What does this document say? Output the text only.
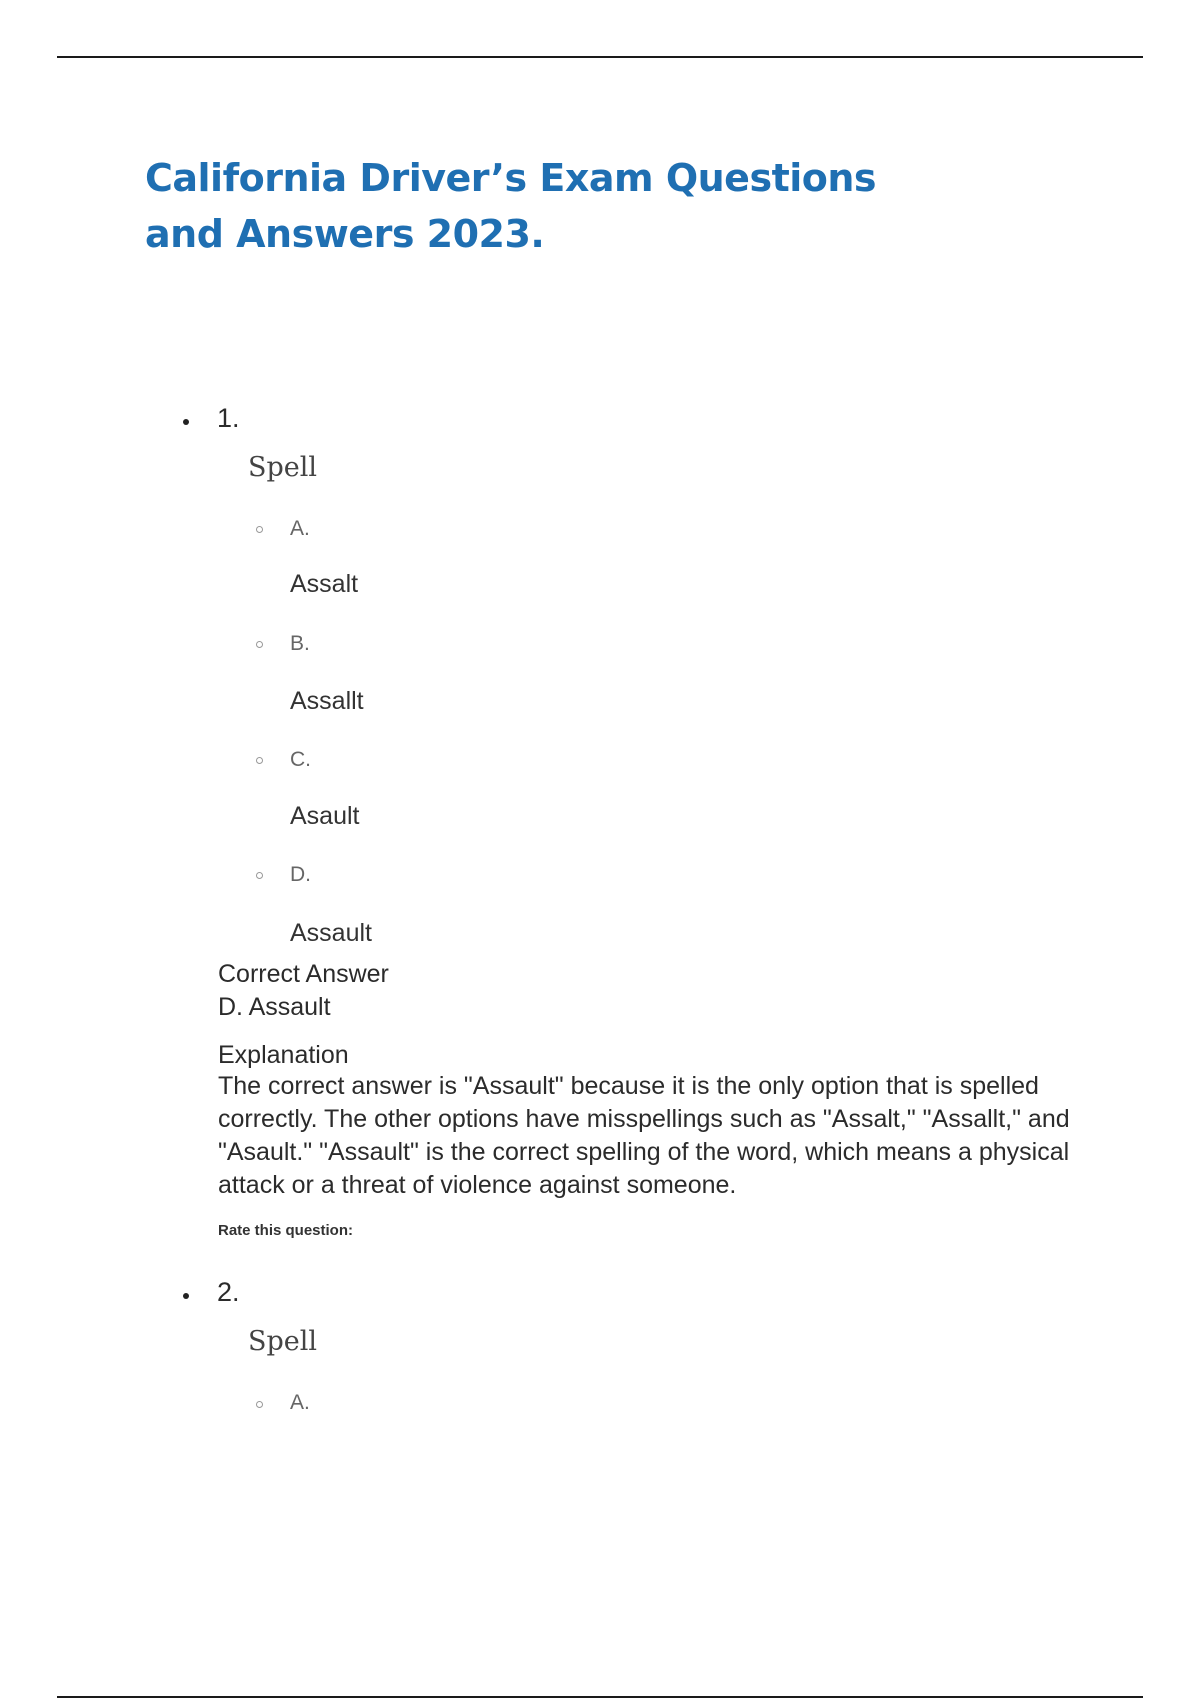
California Driver’s Exam Questions and Answers 2023.
1.
Spell
A.
Assalt
B.
Assallt
C.
Asault
D.
Assault
Correct Answer
D. Assault
Explanation

The correct answer is "Assault" because it is the only option that is spelled correctly. The other options have misspellings such as "Assalt," "Assallt," and "Asault." "Assault" is the correct spelling of the word, which means a physical attack or a threat of violence against someone.

Rate this question:
2.
Spell
A.
